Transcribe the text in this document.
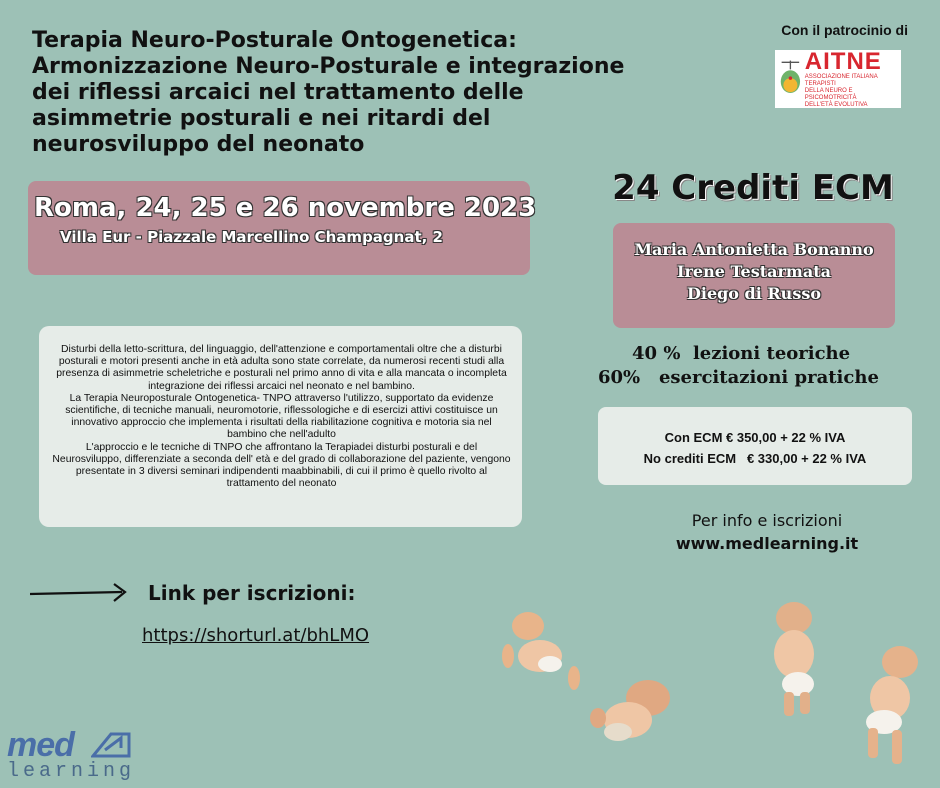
Terapia Neuro-Posturale Ontogenetica:
Armonizzazione Neuro-Posturale e integrazione
dei riflessi arcaici nel trattamento delle
asimmetrie posturali e nei ritardi del
neurosviluppo del neonato
Con il patrocinio di
AITNE
ASSOCIAZIONE ITALIANA TERAPISTI
DELLA NEURO E PSICOMOTRICITÀ
DELL'ETÀ EVOLUTIVA
Roma, 24, 25 e 26 novembre 2023
Villa Eur - Piazzale Marcellino Champagnat, 2
24 Crediti ECM
Maria Antonietta Bonanno
Irene Testarmata
Diego di Russo
40 %  lezioni teoriche
60%   esercitazioni pratiche
Con ECM € 350,00 + 22 % IVA
No crediti ECM   € 330,00 + 22 % IVA
Per info e iscrizioni
www.medlearning.it
Disturbi della letto-scrittura, del linguaggio, dell'attenzione e comportamentali oltre che a disturbi posturali e motori presenti anche in età adulta sono state correlate, da numerosi recenti studi alla presenza di asimmetrie scheletriche e posturali nel primo anno di vita e alla mancata o incompleta integrazione dei riflessi arcaici nel neonato e nel bambino.
La Terapia Neuroposturale Ontogenetica- TNPO attraverso l'utilizzo, supportato da evidenze scientifiche, di tecniche manuali, neuromotorie, riflessologiche e di esercizi attivi costituisce un innovativo approccio che implementa i risultati della riabilitazione cognitiva e motoria sia nel bambino che nell'adulto
L'approccio e le tecniche di TNPO che affrontano la Terapiadei disturbi posturali e del Neurosviluppo, differenziate a seconda dell' età e del grado di collaborazione del paziente, vengono presentate in 3 diversi seminari indipendenti maabbinabili, di cui il primo è quello rivolto al trattamento del neonato
Link per iscrizioni:
https://shorturl.at/bhLMO
med
learning
